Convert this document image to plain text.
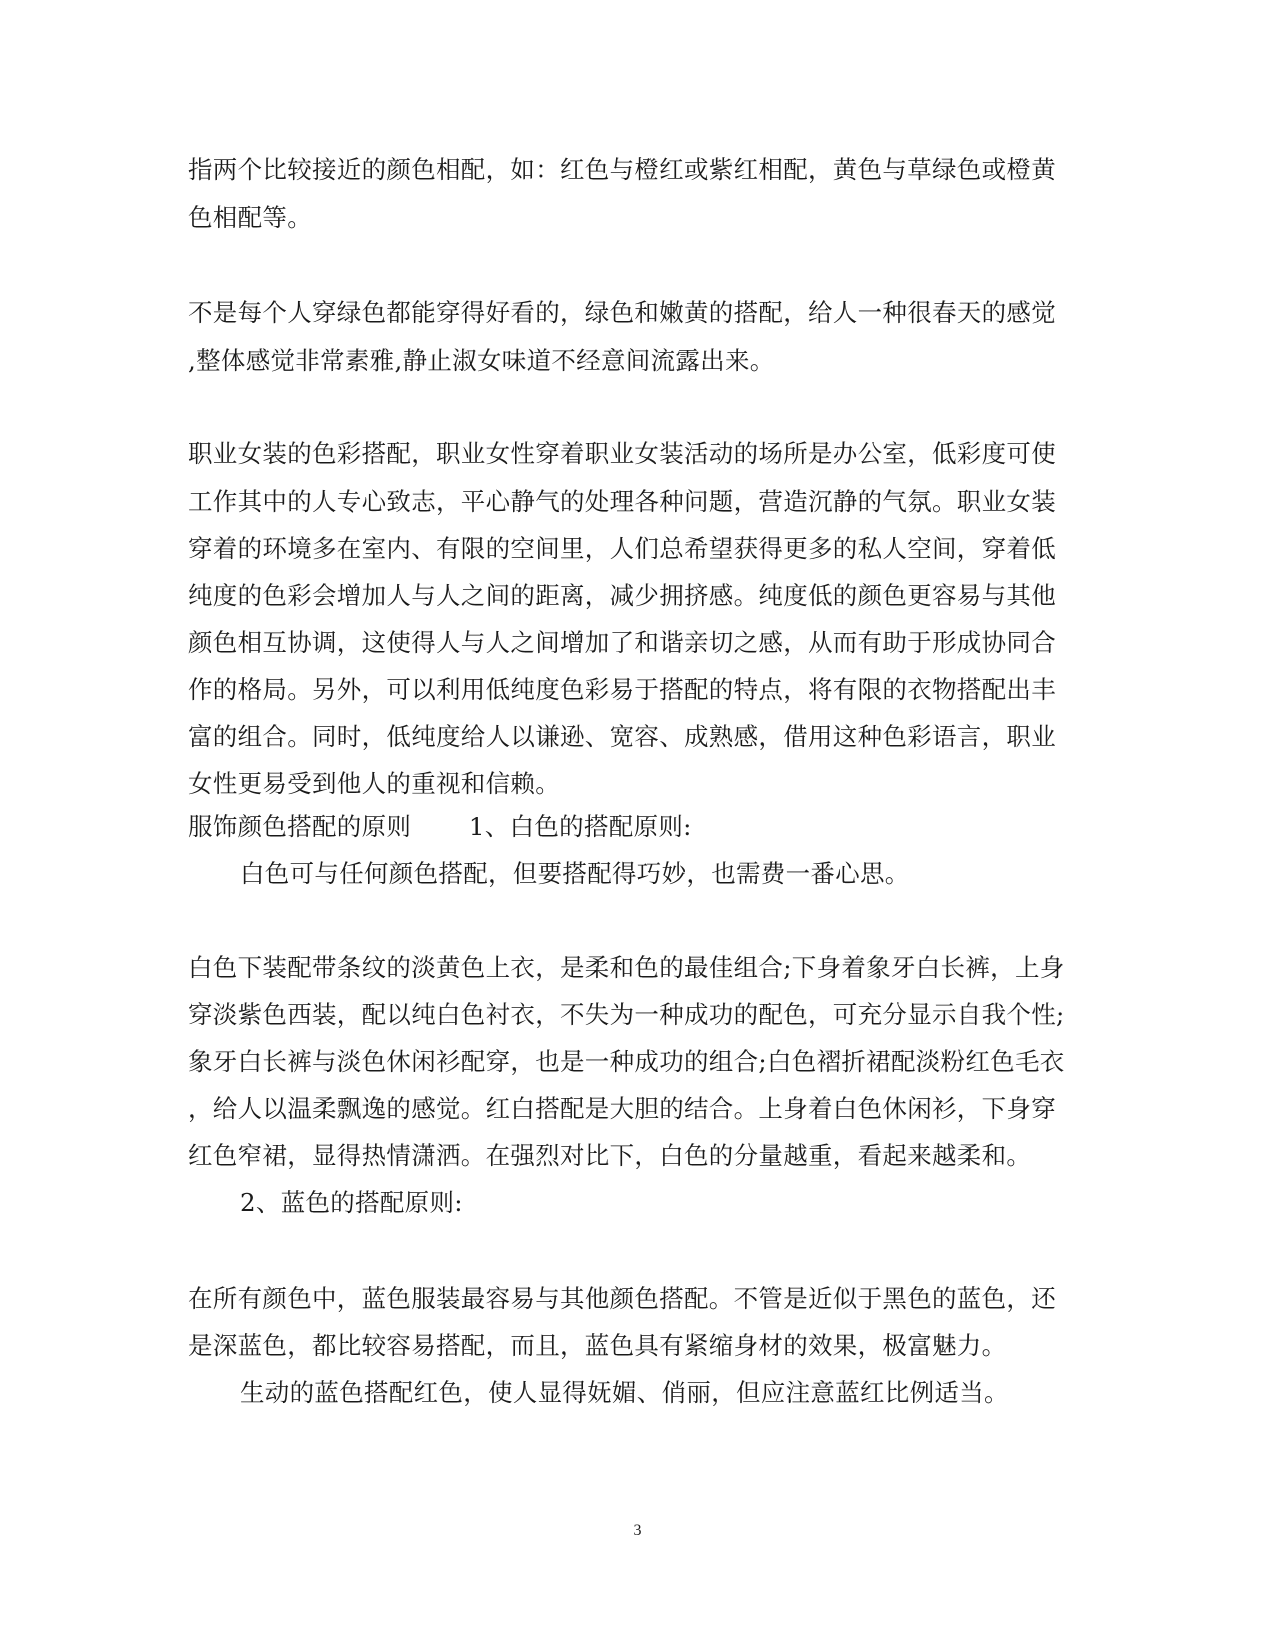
指两个比较接近的颜色相配，如：红色与橙红或紫红相配，黄色与草绿色或橙黄
色相配等。
不是每个人穿绿色都能穿得好看的，绿色和嫩黄的搭配，给人一种很春天的感觉
,整体感觉非常素雅,静止淑女味道不经意间流露出来。
职业女装的色彩搭配，职业女性穿着职业女装活动的场所是办公室，低彩度可使
工作其中的人专心致志，平心静气的处理各种问题，营造沉静的气氛。职业女装
穿着的环境多在室内、有限的空间里，人们总希望获得更多的私人空间，穿着低
纯度的色彩会增加人与人之间的距离，减少拥挤感。纯度低的颜色更容易与其他
颜色相互协调，这使得人与人之间增加了和谐亲切之感，从而有助于形成协同合
作的格局。另外，可以利用低纯度色彩易于搭配的特点，将有限的衣物搭配出丰
富的组合。同时，低纯度给人以谦逊、宽容、成熟感，借用这种色彩语言，职业
女性更易受到他人的重视和信赖。
服饰颜色搭配的原则　　 1、白色的搭配原则:
白色可与任何颜色搭配，但要搭配得巧妙，也需费一番心思。
白色下装配带条纹的淡黄色上衣，是柔和色的最佳组合;下身着象牙白长裤，上身
穿淡紫色西装，配以纯白色衬衣，不失为一种成功的配色，可充分显示自我个性;
象牙白长裤与淡色休闲衫配穿，也是一种成功的组合;白色褶折裙配淡粉红色毛衣
，给人以温柔飘逸的感觉。红白搭配是大胆的结合。上身着白色休闲衫，下身穿
红色窄裙，显得热情潇洒。在强烈对比下，白色的分量越重，看起来越柔和。
2、蓝色的搭配原则:
在所有颜色中，蓝色服装最容易与其他颜色搭配。不管是近似于黑色的蓝色，还
是深蓝色，都比较容易搭配，而且，蓝色具有紧缩身材的效果，极富魅力。
生动的蓝色搭配红色，使人显得妩媚、俏丽，但应注意蓝红比例适当。
3
